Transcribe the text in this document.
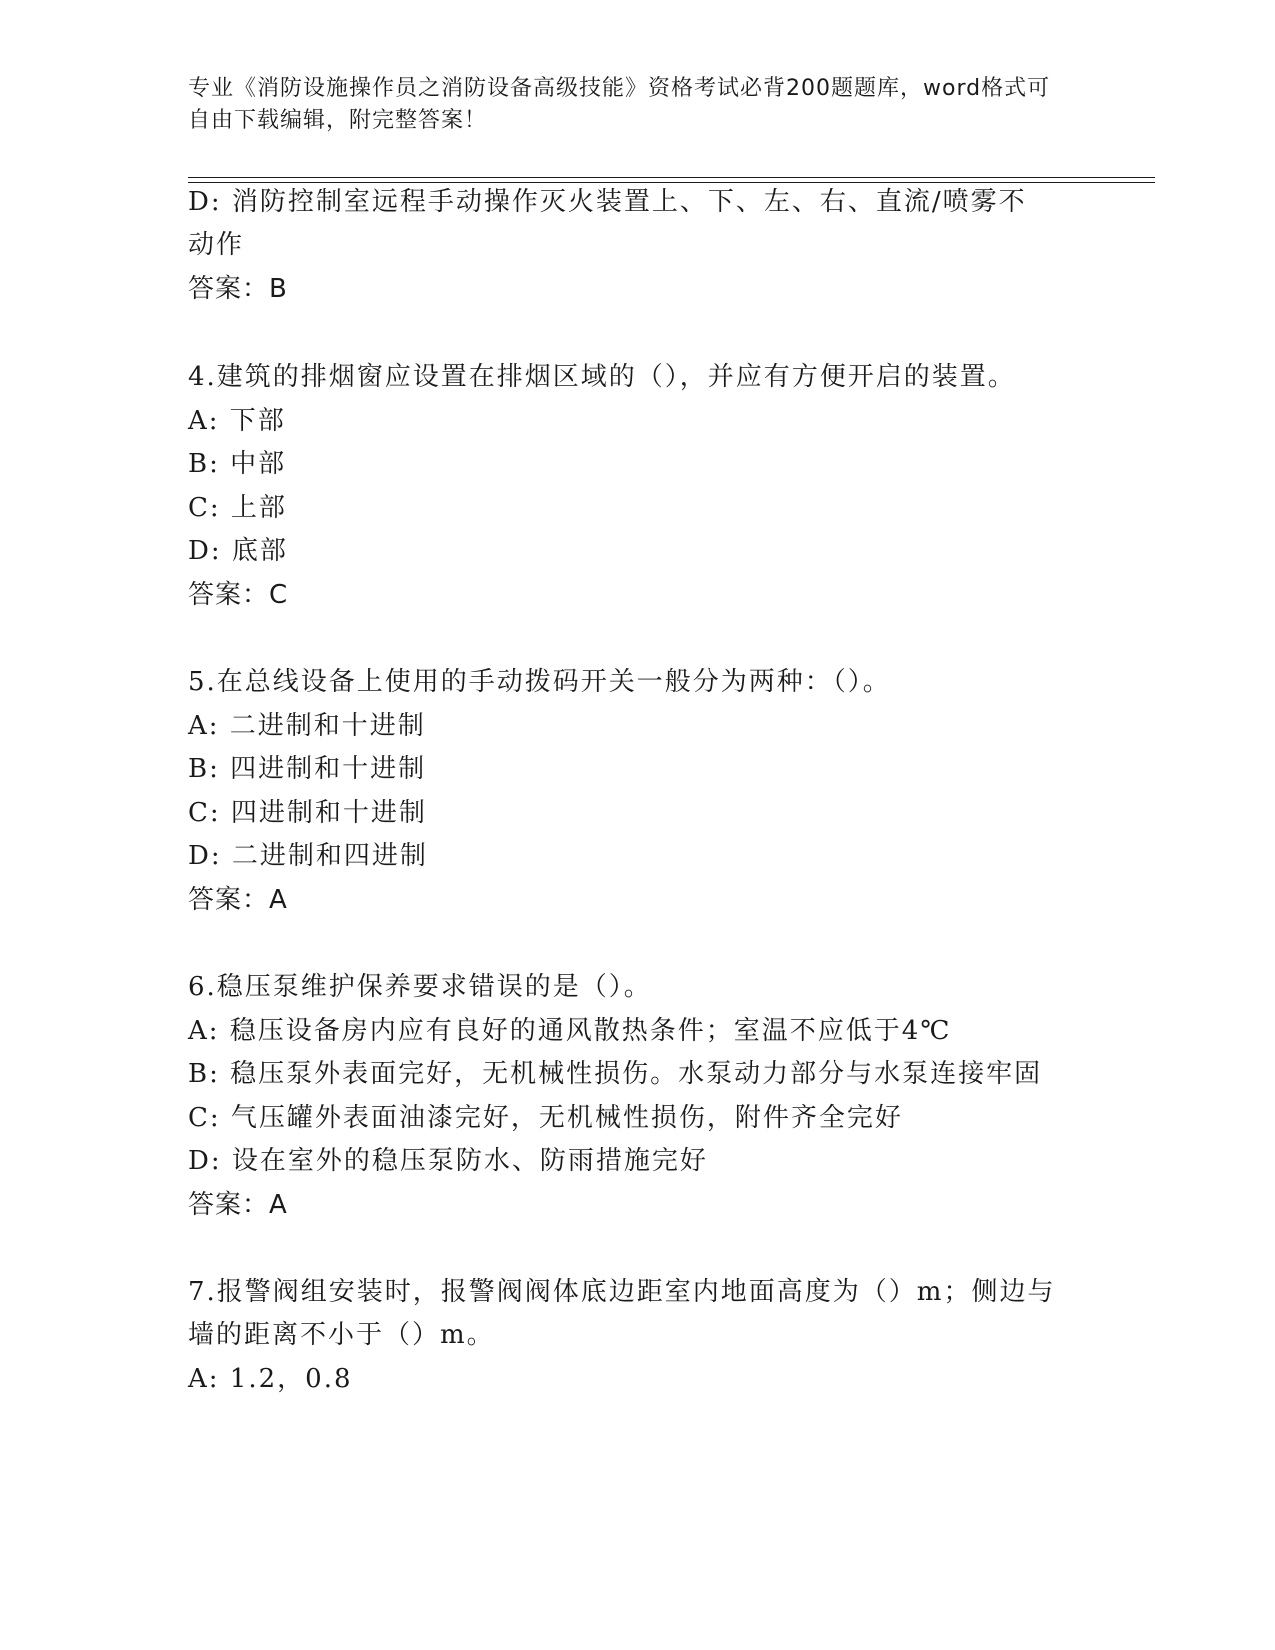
专业《消防设施操作员之消防设备高级技能》资格考试必背200题题库，word格式可自由下载编辑，附完整答案！
D: 消防控制室远程手动操作灭火装置上、下、左、右、直流/喷雾不
动作
答案：B
4.建筑的排烟窗应设置在排烟区域的（），并应有方便开启的装置。
A: 下部
B: 中部
C: 上部
D: 底部
答案：C
5.在总线设备上使用的手动拨码开关一般分为两种：（）。
A: 二进制和十进制
B: 四进制和十进制
C: 四进制和十进制
D: 二进制和四进制
答案：A
6.稳压泵维护保养要求错误的是（）。
A: 稳压设备房内应有良好的通风散热条件；室温不应低于4℃
B: 稳压泵外表面完好，无机械性损伤。水泵动力部分与水泵连接牢固
C: 气压罐外表面油漆完好，无机械性损伤，附件齐全完好
D: 设在室外的稳压泵防水、防雨措施完好
答案：A
7.报警阀组安装时，报警阀阀体底边距室内地面高度为（）m；侧边与
墙的距离不小于（）m。
A: 1.2，0.8
